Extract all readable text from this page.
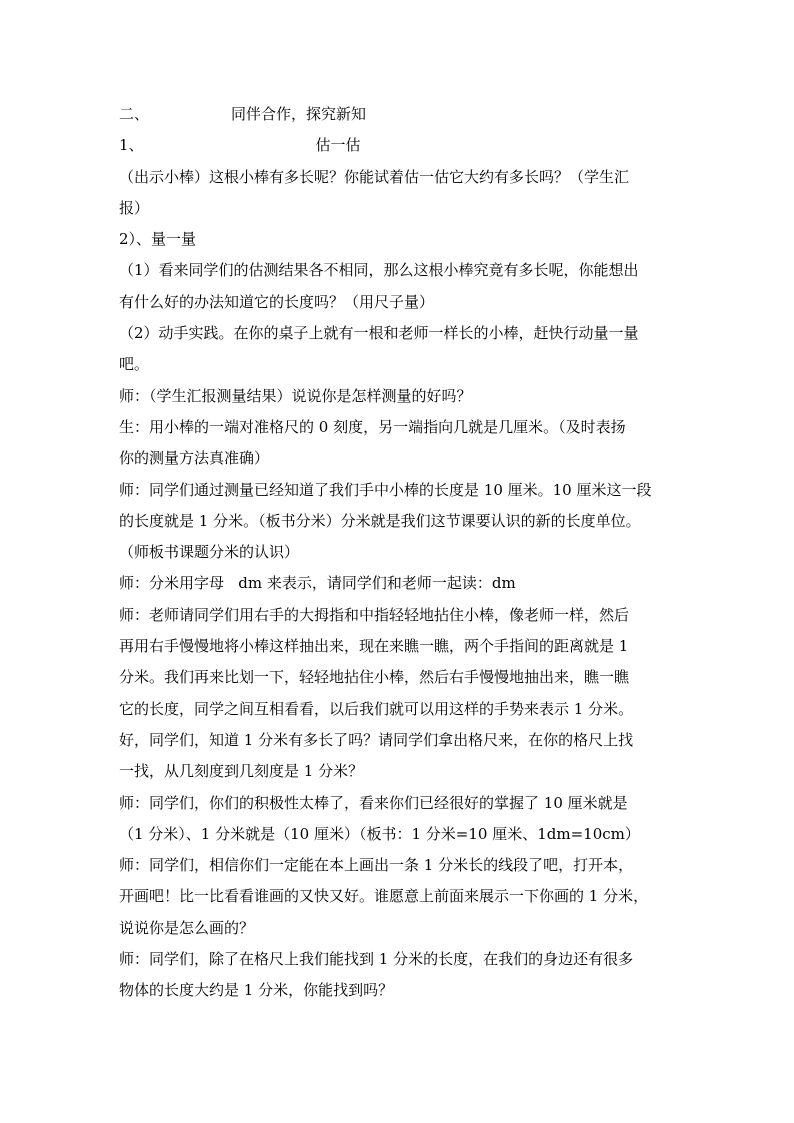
二、	同伴合作，探究新知
1、	估一估
（出示小棒）这根小棒有多长呢？你能试着估一估它大约有多长吗？（学生汇
报）
2）、量一量
（1）看来同学们的估测结果各不相同，那么这根小棒究竟有多长呢，你能想出
有什么好的办法知道它的长度吗？（用尺子量）
（2）动手实践。在你的桌子上就有一根和老师一样长的小棒，赶快行动量一量
吧。
师：（学生汇报测量结果）说说你是怎样测量的好吗？
生：用小棒的一端对准格尺的 0 刻度，另一端指向几就是几厘米。（及时表扬
你的测量方法真准确）
师：同学们通过测量已经知道了我们手中小棒的长度是 10 厘米。10 厘米这一段
的长度就是 1 分米。（板书分米）分米就是我们这节课要认识的新的长度单位。
（师板书课题分米的认识）
师：分米用字母   dm 来表示，请同学们和老师一起读：dm
师：老师请同学们用右手的大拇指和中指轻轻地拈住小棒，像老师一样，然后
再用右手慢慢地将小棒这样抽出来，现在来瞧一瞧，两个手指间的距离就是 1
分米。我们再来比划一下，轻轻地拈住小棒，然后右手慢慢地抽出来，瞧一瞧
它的长度，同学之间互相看看，以后我们就可以用这样的手势来表示 1 分米。
好，同学们，知道 1 分米有多长了吗？请同学们拿出格尺来，在你的格尺上找
一找，从几刻度到几刻度是 1 分米？
师：同学们，你们的积极性太棒了，看来你们已经很好的掌握了 10 厘米就是
（1 分米）、1 分米就是（10 厘米）（板书：1 分米=10 厘米、1dm=10cm）
师：同学们，相信你们一定能在本上画出一条 1 分米长的线段了吧，打开本，
开画吧！比一比看看谁画的又快又好。谁愿意上前面来展示一下你画的 1 分米，
说说你是怎么画的？
师：同学们，除了在格尺上我们能找到 1 分米的长度，在我们的身边还有很多
物体的长度大约是 1 分米，你能找到吗？
